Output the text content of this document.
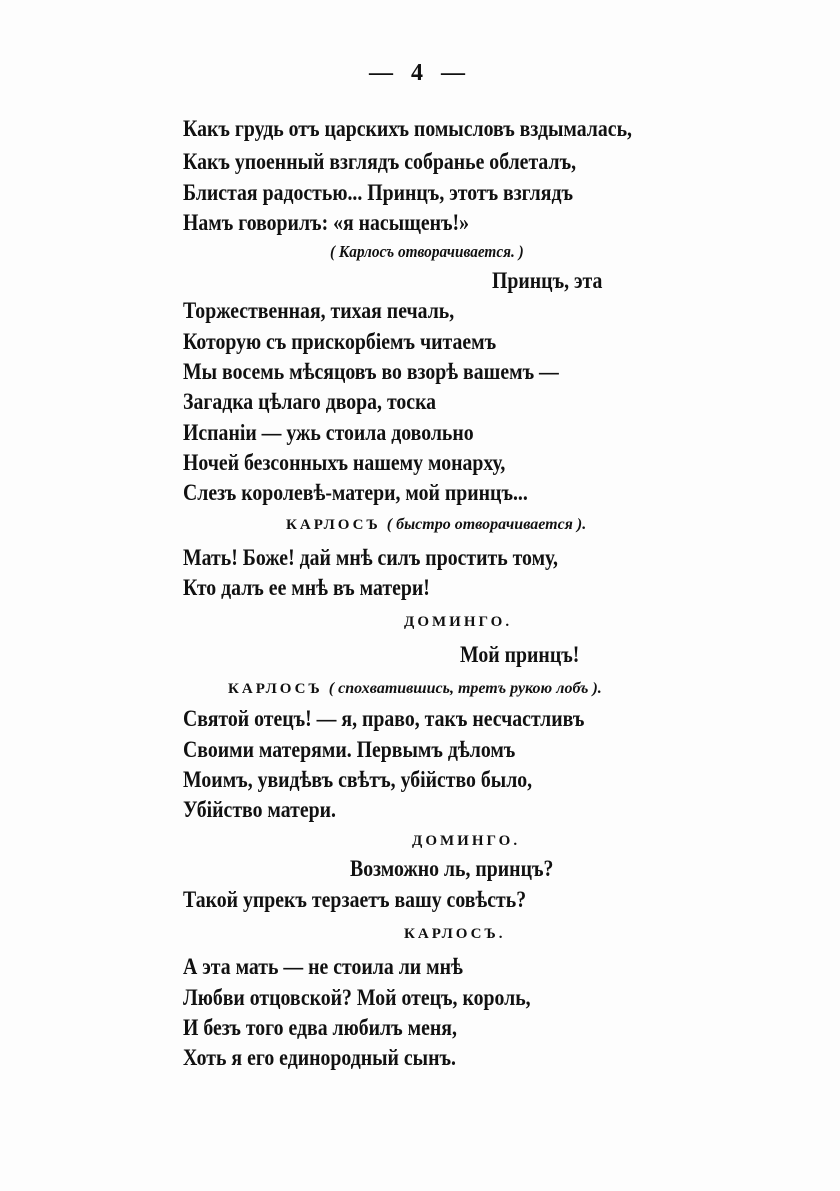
— 4 —
Какъ грудь отъ царскихъ помысловъ вздымалась,
Какъ упоенный взглядъ собранье облеталъ,
Блистая радостью... Принцъ, этотъ взглядъ
Намъ говорилъ: «я насыщенъ!»
( Карлосъ отворачивается. )
Принцъ, эта
Торжественная, тихая печаль,
Которую съ прискорбіемъ читаемъ
Мы восемь мѣсяцовъ во взорѣ вашемъ —
Загадка цѣлаго двора, тоска
Испаніи — ужь стоила довольно
Ночей безсонныхъ нашему монарху,
Слезъ королевѣ-матери, мой принцъ...
КАРЛОСЪ ( быстро отворачивается ).
Мать! Боже! дай мнѣ силъ простить тому,
Кто далъ ее мнѣ въ матери!
ДОМИНГО.
Мой принцъ!
КАРЛОСЪ ( спохватившись, третъ рукою лобъ ).
Святой отецъ! — я, право, такъ несчастливъ
Своими матерями. Первымъ дѣломъ
Моимъ, увидѣвъ свѣтъ, убійство было,
Убійство матери.
ДОМИНГО.
Возможно ль, принцъ?
Такой упрекъ терзаетъ вашу совѣсть?
КАРЛОСЪ.
А эта мать — не стоила ли мнѣ
Любви отцовской? Мой отецъ, король,
И безъ того едва любилъ меня,
Хоть я его единородный сынъ.
